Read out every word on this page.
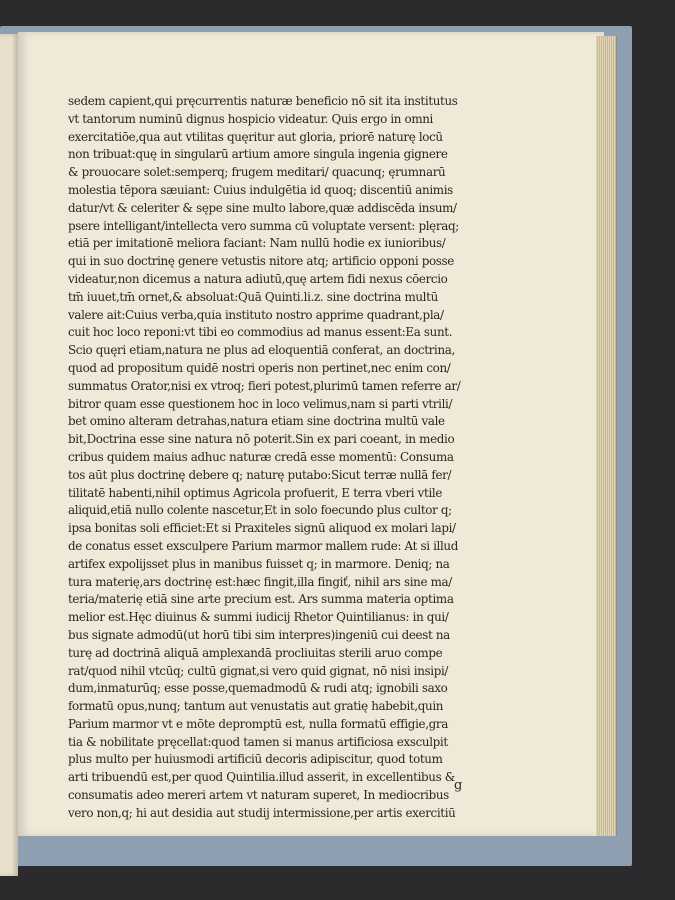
sedem capient,qui pręcurrentis naturæ beneficio nō sit ita institutus
vt tantorum numinū dignus hospicio videatur. Quis ergo in omni
exercitatiōe,qua aut vtilitas quęritur aut gloria, priorē naturę locū
non tribuat:quę in singularū artium amore singula ingenia gignere
& prouocare solet:semperq; frugem meditari/ quacunq; ęrumnarū
molestia tēpora sæuiant: Cuius indulgētia id quoq; discentiū animis
datur/vt & celeriter & sępe sine multo labore,quæ addiscēda insum/
psere intelligant/intellecta vero summa cū voluptate versent: plęraq;
etiā per imitationē meliora faciant: Nam nullū hodie ex iunioribus/
qui in suo doctrinę genere vetustis nitore atq; artificio opponi posse
videatur,non dicemus a natura adiutū,quę artem fidi nexus cōercio
tm̄ iuuet,tm̄ ornet,& absoluat:Quā Quinti.li.z. sine doctrina multū
valere ait:Cuius verba,quia instituto nostro apprime quadrant,pla/
cuit hoc loco reponi:vt tibi eo commodius ad manus essent:Ea sunt.
Scio quęri etiam,natura ne plus ad eloquentiā conferat, an doctrina,
quod ad propositum quidē nostri operis non pertinet,nec enim con/
summatus Orator,nisi ex vtroq; fieri potest,plurimū tamen referre ar/
bitror quam esse questionem hoc in loco velimus,nam si parti vtrili/
bet omino alteram detrahas,natura etiam sine doctrina multū vale
bit,Doctrina esse sine natura nō poterit.Sin ex pari coeant, in medio
cribus quidem maius adhuc naturæ credā esse momentū: Consuma
tos aūt plus doctrinę debere q; naturę putabo:Sicut terræ nullā fer/
tilitatē habenti,nihil optimus Agricola profuerit, E terra vberi vtile
aliquid,etiā nullo colente nascetur,Et in solo foecundo plus cultor q;
ipsa bonitas soli efficiet:Et si Praxiteles signū aliquod ex molari lapi/
de conatus esset exsculpere Parium marmor mallem rude: At si illud
artifex expolijsset plus in manibus fuisset q; in marmore. Deniq; na
tura materię,ars doctrinę est:hæc fingit,illa fingiť, nihil ars sine ma/
teria/materię etiā sine arte precium est. Ars summa materia optima
melior est.Hęc diuinus & summi iudicij Rhetor Quintilianus: in qui/
bus signate admodū(ut horū tibi sim interpres)ingeniū cui deest na
turę ad doctrinā aliquā amplexandā procliuitas sterili aruo compe
rat/quod nihil vtcūq; cultū gignat,si vero quid gignat, nō nisi insipi/
dum,inmaturūq; esse posse,quemadmodū & rudi atq; ignobili saxo
formatū opus,nunq; tantum aut venustatis aut gratię habebit,quin
Parium marmor vt e mōte depromptū est, nulla formatū effigie,gra
tia & nobilitate pręcellat:quod tamen si manus artificiosa exsculpit
plus multo per huiusmodi artificiū decoris adipiscitur, quod totum
arti tribuendū est,per quod Quintilia.illud asserit, in excellentibus &
consumatis adeo mereri artem vt naturam superet, In mediocribus
vero non,q; hi aut desidia aut studij intermissione,per artis exercitiū
g
